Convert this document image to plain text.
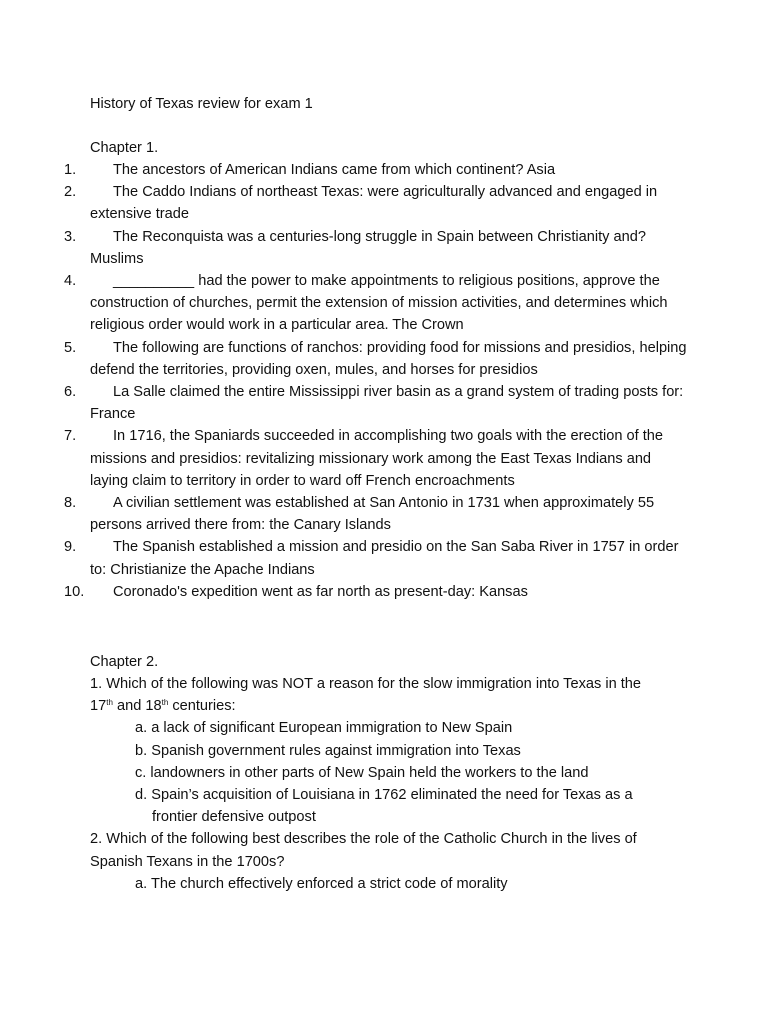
History of Texas review for exam 1
Chapter 1.
1.	The ancestors of American Indians came from which continent? Asia
2.	The Caddo Indians of northeast Texas: were agriculturally advanced and engaged in extensive trade
3.	The Reconquista was a centuries-long struggle in Spain between Christianity and? Muslims
4.	__________ had the power to make appointments to religious positions, approve the construction of churches, permit the extension of mission activities, and determines which religious order would work in a particular area. The Crown
5.	The following are functions of ranchos: providing food for missions and presidios, helping defend the territories, providing oxen, mules, and horses for presidios
6.	La Salle claimed the entire Mississippi river basin as a grand system of trading posts for: France
7.	In 1716, the Spaniards succeeded in accomplishing two goals with the erection of the missions and presidios: revitalizing missionary work among the East Texas Indians and laying claim to territory in order to ward off French encroachments
8.	A civilian settlement was established at San Antonio in 1731 when approximately 55 persons arrived there from: the Canary Islands
9.	The Spanish established a mission and presidio on the San Saba River in 1757 in order to: Christianize the Apache Indians
10. Coronado's expedition went as far north as present-day: Kansas
Chapter 2.
1. Which of the following was NOT a reason for the slow immigration into Texas in the
17th and 18th centuries:
a. a lack of significant European immigration to New Spain
b. Spanish government rules against immigration into Texas
c. landowners in other parts of New Spain held the workers to the land
d. Spain’s acquisition of Louisiana in 1762 eliminated the need for Texas as a
frontier defensive outpost
2. Which of the following best describes the role of the Catholic Church in the lives of Spanish Texans in the 1700s?
a. The church effectively enforced a strict code of morality
